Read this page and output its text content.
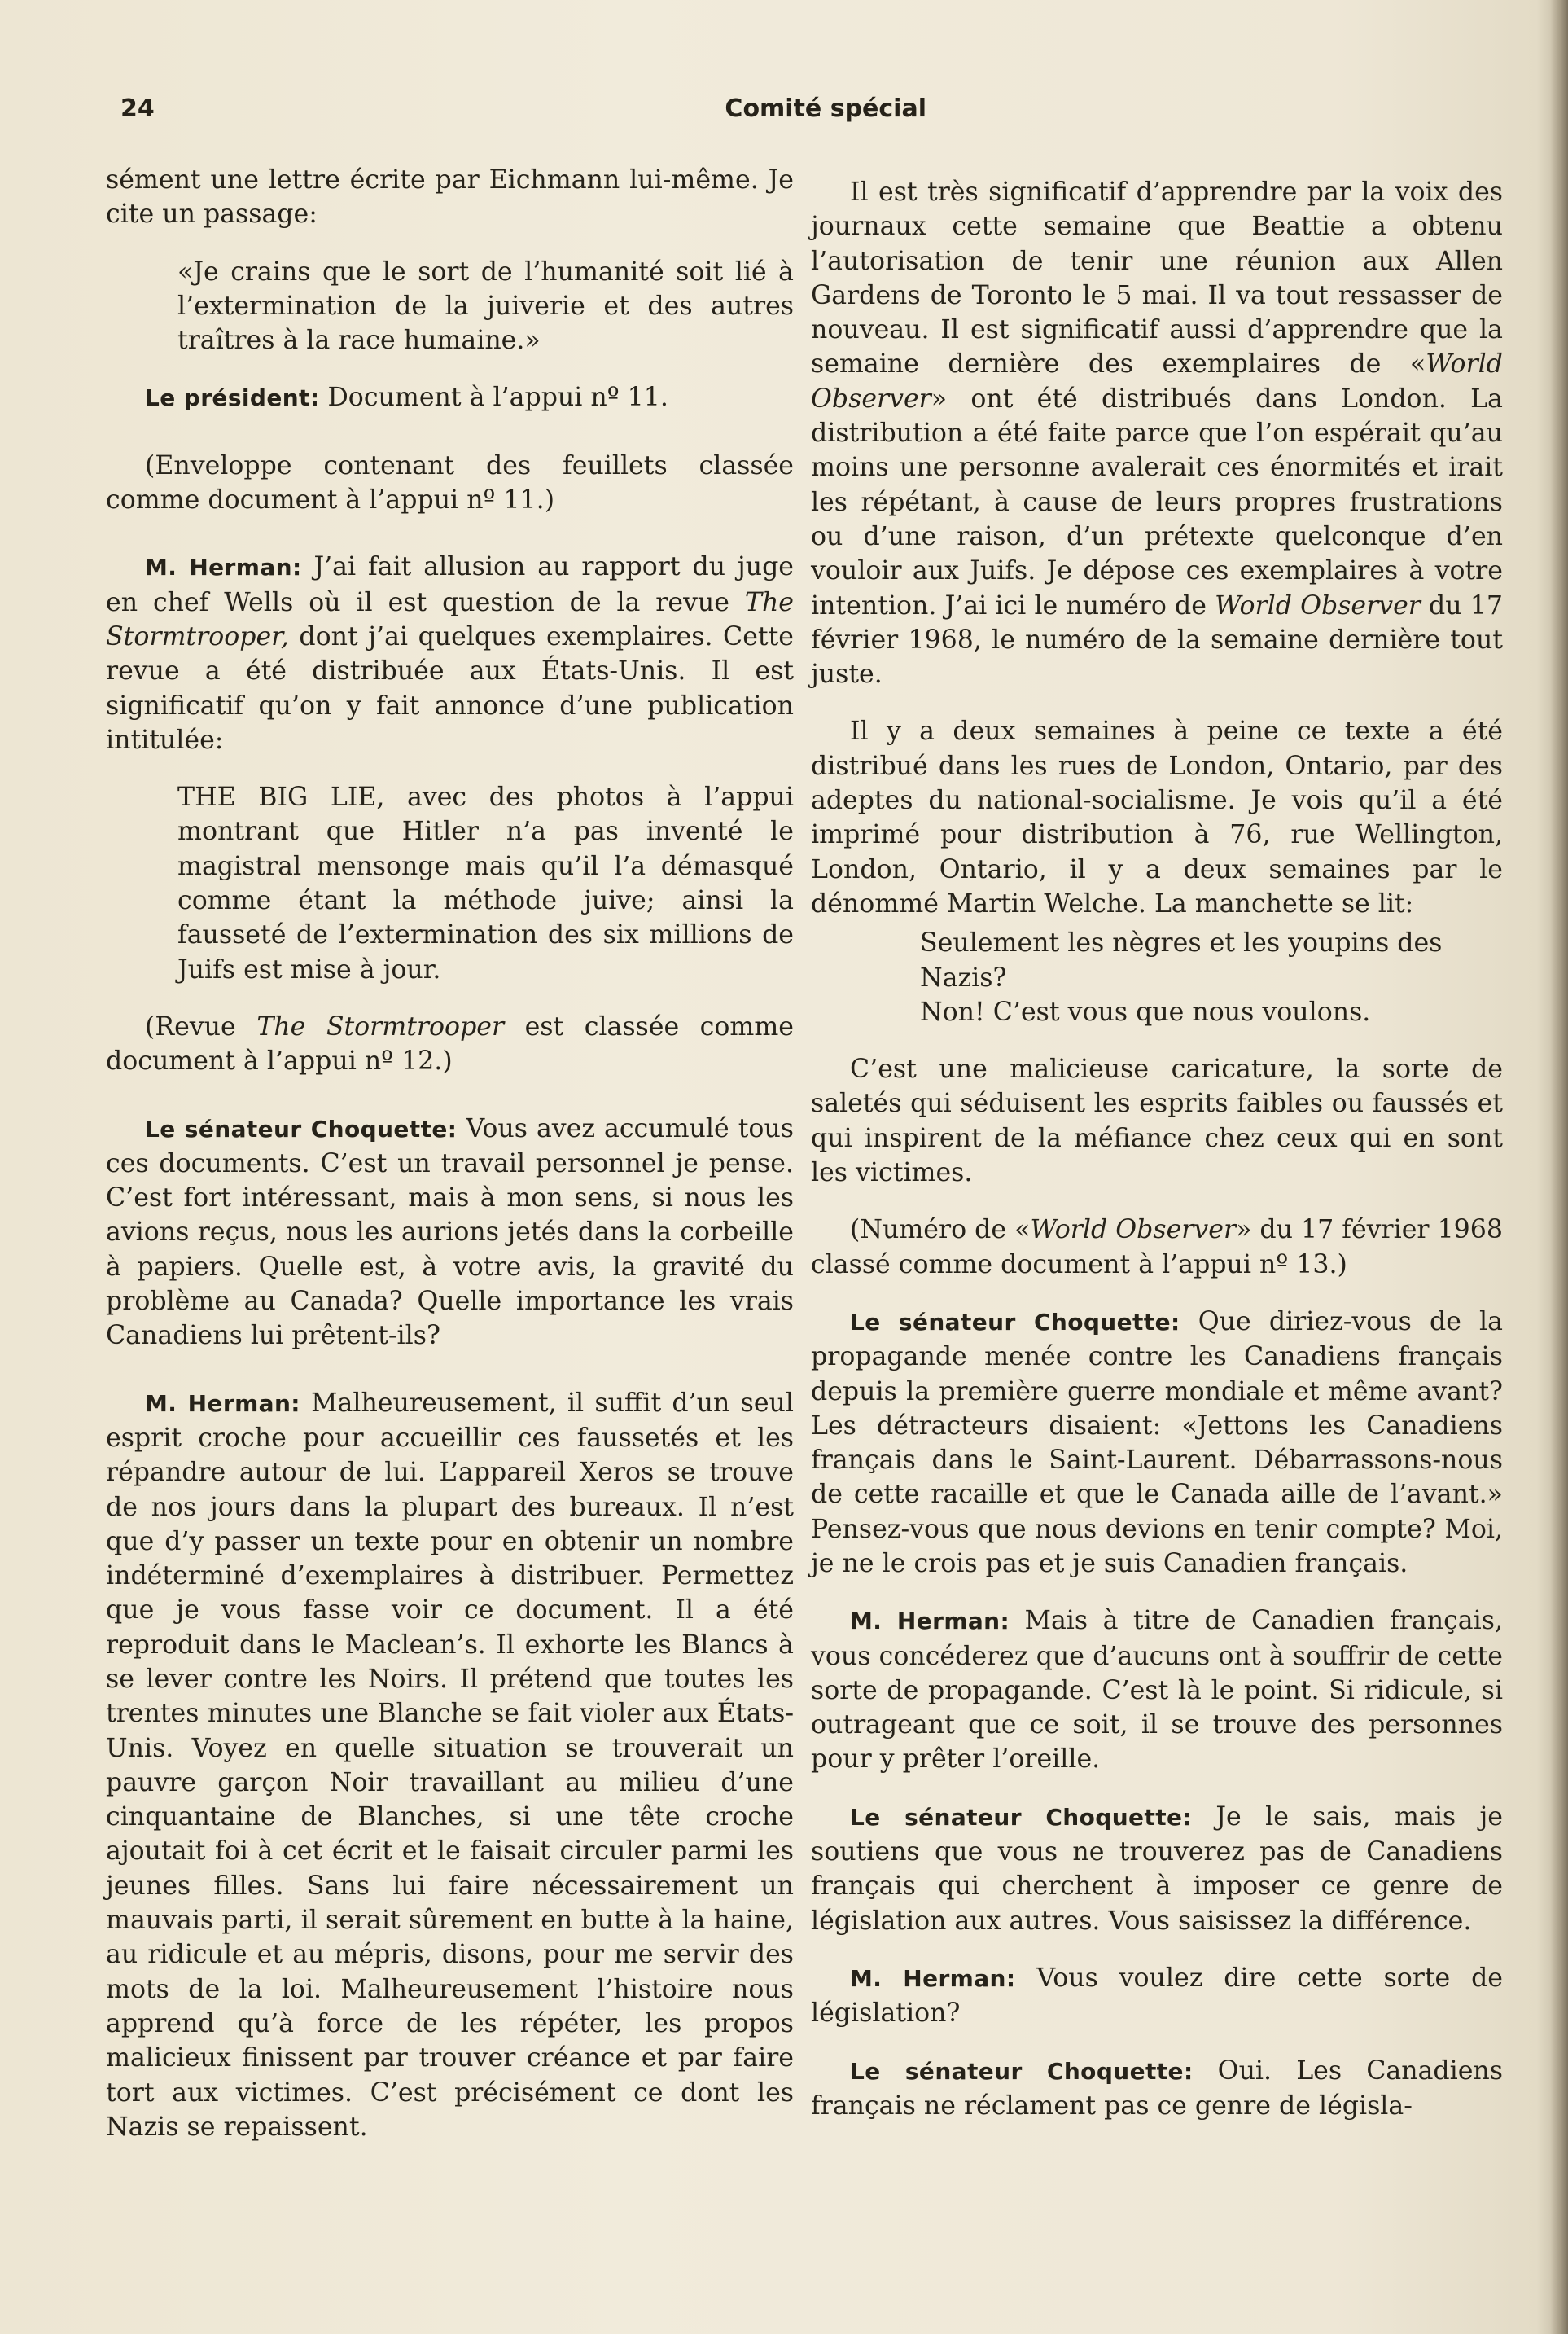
24	Comité spécial

sément une lettre écrite par Eichmann lui-même. Je cite un passage:

«Je crains que le sort de l’humanité soit lié à l’extermination de la juiverie et des autres traîtres à la race humaine.»

Le président: Document à l’appui nº 11.

(Enveloppe contenant des feuillets classée comme document à l’appui nº 11.)

M. Herman: J’ai fait allusion au rapport du juge en chef Wells où il est question de la revue The Stormtrooper, dont j’ai quelques exemplaires. Cette revue a été distribuée aux États-Unis. Il est significatif qu’on y fait annonce d’une publication intitulée:

THE BIG LIE, avec des photos à l’appui montrant que Hitler n’a pas inventé le magistral mensonge mais qu’il l’a démasqué comme étant la méthode juive; ainsi la fausseté de l’extermination des six millions de Juifs est mise à jour.

(Revue The Stormtrooper est classée comme document à l’appui nº 12.)

Le sénateur Choquette: Vous avez accumulé tous ces documents. C’est un travail personnel je pense. C’est fort intéressant, mais à mon sens, si nous les avions reçus, nous les aurions jetés dans la corbeille à papiers. Quelle est, à votre avis, la gravité du problème au Canada? Quelle importance les vrais Canadiens lui prêtent-ils?

M. Herman: Malheureusement, il suffit d’un seul esprit croche pour accueillir ces faussetés et les répandre autour de lui. L’appareil Xeros se trouve de nos jours dans la plupart des bureaux. Il n’est que d’y passer un texte pour en obtenir un nombre indéterminé d’exemplaires à distribuer. Permettez que je vous fasse voir ce document. Il a été reproduit dans le Maclean’s. Il exhorte les Blancs à se lever contre les Noirs. Il prétend que toutes les trentes minutes une Blanche se fait violer aux États-Unis. Voyez en quelle situation se trouverait un pauvre garçon Noir travaillant au milieu d’une cinquantaine de Blanches, si une tête croche ajoutait foi à cet écrit et le faisait circuler parmi les jeunes filles. Sans lui faire nécessairement un mauvais parti, il serait sûrement en butte à la haine, au ridicule et au mépris, disons, pour me servir des mots de la loi. Malheureusement l’histoire nous apprend qu’à force de les répéter, les propos malicieux finissent par trouver créance et par faire tort aux victimes. C’est précisément ce dont les Nazis se repaissent.

Il est très significatif d’apprendre par la voix des journaux cette semaine que Beattie a obtenu l’autorisation de tenir une réunion aux Allen Gardens de Toronto le 5 mai. Il va tout ressasser de nouveau. Il est significatif aussi d’apprendre que la semaine dernière des exemplaires de «World Observer» ont été distribués dans London. La distribution a été faite parce que l’on espérait qu’au moins une personne avalerait ces énormités et irait les répétant, à cause de leurs propres frustrations ou d’une raison, d’un prétexte quelconque d’en vouloir aux Juifs. Je dépose ces exemplaires à votre intention. J’ai ici le numéro de World Observer du 17 février 1968, le numéro de la semaine dernière tout juste.

Il y a deux semaines à peine ce texte a été distribué dans les rues de London, Ontario, par des adeptes du national-socialisme. Je vois qu’il a été imprimé pour distribution à 76, rue Wellington, London, Ontario, il y a deux semaines par le dénommé Martin Welche. La manchette se lit:

Seulement les nègres et les youpins des Nazis?
Non! C’est vous que nous voulons.

C’est une malicieuse caricature, la sorte de saletés qui séduisent les esprits faibles ou faussés et qui inspirent de la méfiance chez ceux qui en sont les victimes.

(Numéro de «World Observer» du 17 février 1968 classé comme document à l’appui nº 13.)

Le sénateur Choquette: Que diriez-vous de la propagande menée contre les Canadiens français depuis la première guerre mondiale et même avant? Les détracteurs disaient: «Jettons les Canadiens français dans le Saint-Laurent. Débarrassons-nous de cette racaille et que le Canada aille de l’avant.» Pensez-vous que nous devions en tenir compte? Moi, je ne le crois pas et je suis Canadien français.

M. Herman: Mais à titre de Canadien français, vous concéderez que d’aucuns ont à souffrir de cette sorte de propagande. C’est là le point. Si ridicule, si outrageant que ce soit, il se trouve des personnes pour y prêter l’oreille.

Le sénateur Choquette: Je le sais, mais je soutiens que vous ne trouverez pas de Canadiens français qui cherchent à imposer ce genre de législation aux autres. Vous saisissez la différence.

M. Herman: Vous voulez dire cette sorte de législation?

Le sénateur Choquette: Oui. Les Canadiens français ne réclament pas ce genre de législa-
